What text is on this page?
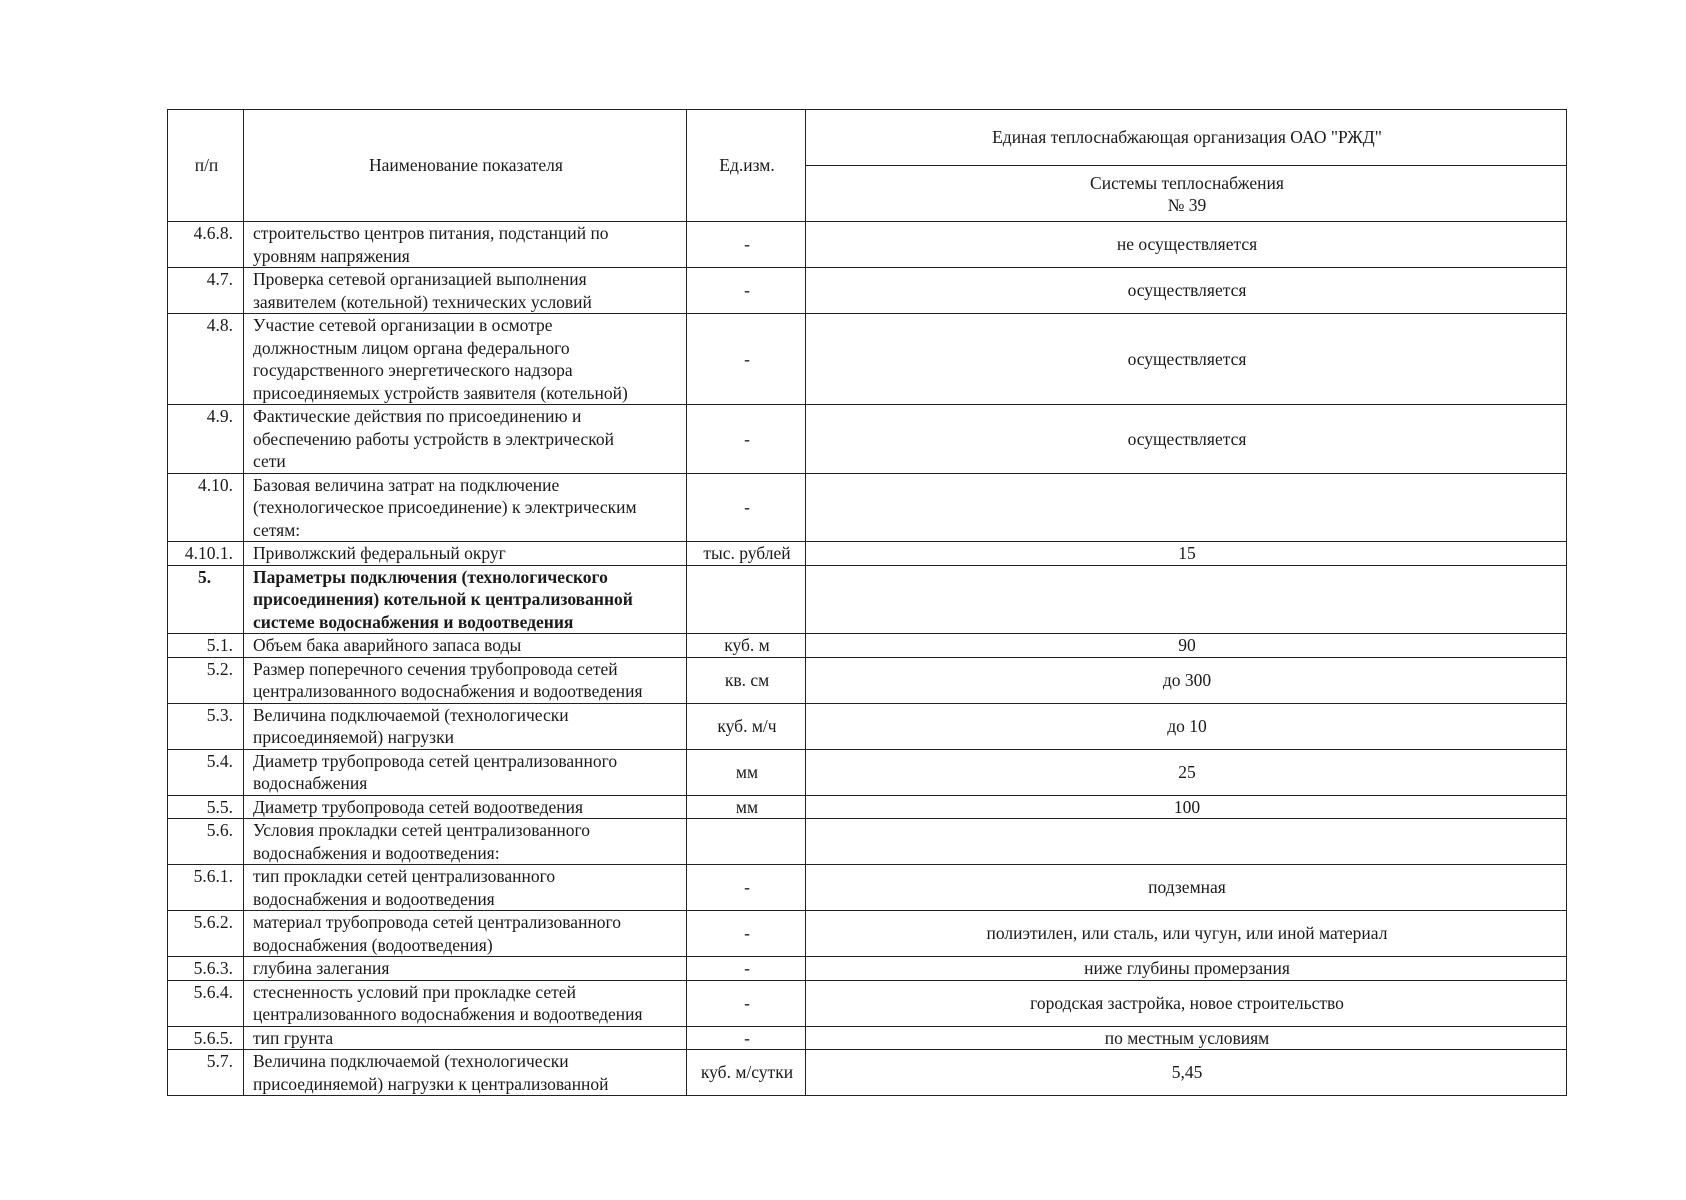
п/п	Наименование показателя	Ед.изм.	Единая теплоснабжающая организация ОАО "РЖД"

			Системы теплоснабжения
№ 39

4.6.8.	строительство центров питания, подстанций по
уровням напряжения	-	не осуществляется
4.7.	Проверка сетевой организацией выполнения
заявителем (котельной) технических условий	-	осуществляется
4.8.	Участие сетевой организации в осмотре
должностным лицом органа федерального
государственного энергетического надзора
присоединяемых устройств заявителя (котельной)	-	осуществляется
4.9.	Фактические действия по присоединению и
обеспечению работы устройств в электрической
сети	-	осуществляется
4.10.	Базовая величина затрат на подключение
(технологическое присоединение) к электрическим
сетям:	-	
4.10.1.	Приволжский федеральный округ	тыс. рублей	15
5.	Параметры подключения (технологического
присоединения) котельной к централизованной
системе водоснабжения и водоотведения		

5.1.	Объем бака аварийного запаса воды	куб. м	90
5.2.	Размер поперечного сечения трубопровода сетей
централизованного водоснабжения и водоотведения	кв. см	до 300
5.3.	Величина подключаемой (технологически
присоединяемой) нагрузки	куб. м/ч	до 10
5.4.	Диаметр трубопровода сетей централизованного
водоснабжения	мм	25
5.5.	Диаметр трубопровода сетей водоотведения	мм	100
5.6.	Условия прокладки сетей централизованного
водоснабжения и водоотведения:		

5.6.1.	тип прокладки сетей централизованного
водоснабжения и водоотведения	-	подземная
5.6.2.	материал трубопровода сетей централизованного
водоснабжения (водоотведения)	-	полиэтилен, или сталь, или чугун, или иной материал
5.6.3.	глубина залегания	-	ниже глубины промерзания
5.6.4.	стесненность условий при прокладке сетей
централизованного водоснабжения и водоотведения	-	городская застройка, новое строительство
5.6.5.	тип грунта	-	по местным условиям
5.7.	Величина подключаемой (технологически
присоединяемой) нагрузки к централизованной	куб. м/сутки	5,45
